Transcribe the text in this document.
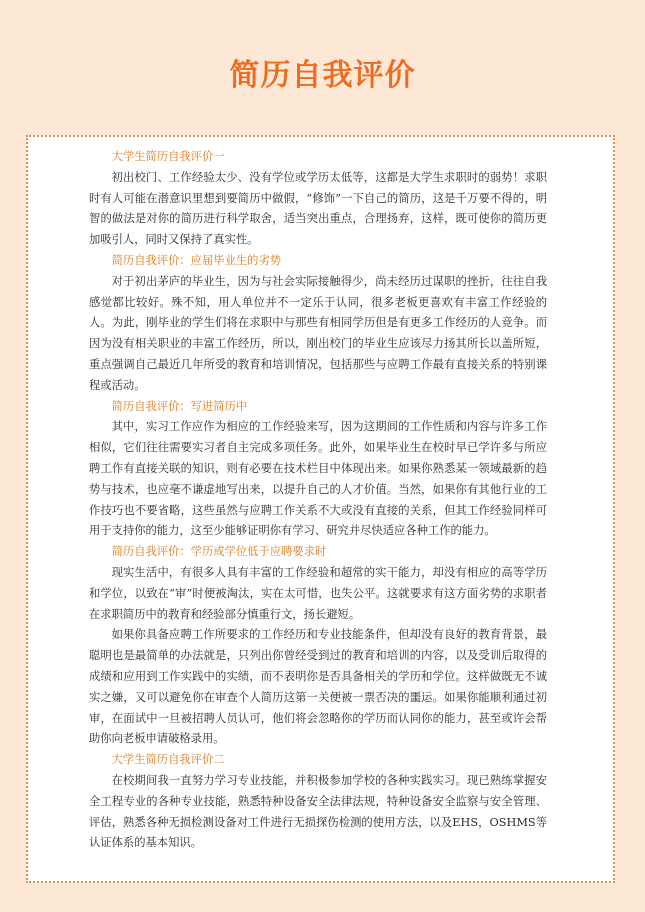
简历自我评价
大学生简历自我评价一

初出校门、工作经验太少、没有学位或学历太低等，这都是大学生求职时的弱势！求职时有人可能在潜意识里想到要简历中做假，“修饰”一下自己的简历，这是千万要不得的，明智的做法是对你的简历进行科学取舍，适当突出重点，合理扬弃，这样，既可使你的简历更加吸引人，同时又保持了真实性。

简历自我评价：应届毕业生的劣势

对于初出茅庐的毕业生，因为与社会实际接触得少，尚未经历过谋职的挫折，往往自我感觉都比较好。殊不知，用人单位并不一定乐于认同，很多老板更喜欢有丰富工作经验的人。为此，刚毕业的学生们将在求职中与那些有相同学历但是有更多工作经历的人竞争。而因为没有相关职业的丰富工作经历，所以，刚出校门的毕业生应该尽力扬其所长以盖所短，重点强调自己最近几年所受的教育和培训情况，包括那些与应聘工作最有直接关系的特别课程或活动。

简历自我评价：写进简历中

其中，实习工作应作为相应的工作经验来写，因为这期间的工作性质和内容与许多工作相似，它们往往需要实习者自主完成多项任务。此外，如果毕业生在校时早已学许多与所应聘工作有直接关联的知识，则有必要在技术栏目中体现出来。如果你熟悉某一领域最新的趋势与技术，也应毫不谦虚地写出来，以提升自己的人才价值。当然，如果你有其他行业的工作技巧也不要省略，这些虽然与应聘工作关系不大或没有直接的关系，但其工作经验同样可用于支持你的能力，这至少能够证明你有学习、研究并尽快适应各种工作的能力。

简历自我评价：学历或学位低于应聘要求时

现实生活中，有很多人具有丰富的工作经验和超常的实干能力，却没有相应的高等学历和学位，以致在“审”时便被淘汰，实在太可惜，也失公平。这就要求有这方面劣势的求职者在求职简历中的教育和经验部分慎重行文，扬长避短。

如果你具备应聘工作所要求的工作经历和专业技能条件，但却没有良好的教育背景，最聪明也是最简单的办法就是，只列出你曾经受到过的教育和培训的内容，以及受训后取得的成绩和应用到工作实践中的实绩，而不表明你是否具备相关的学历和学位。这样做既无不诚实之嫌，又可以避免你在审查个人简历这第一关便被一票否决的噩运。如果你能顺利通过初审，在面试中一旦被招聘人员认可，他们将会忽略你的学历而认同你的能力，甚至或许会帮助你向老板申请破格录用。

大学生简历自我评价二

在校期间我一直努力学习专业技能，并积极参加学校的各种实践实习。现已熟练掌握安全工程专业的各种专业技能，熟悉特种设备安全法律法规，特种设备安全监察与安全管理、评估，熟悉各种无损检测设备对工件进行无损探伤检测的使用方法，以及EHS，OSHMS等认证体系的基本知识。
